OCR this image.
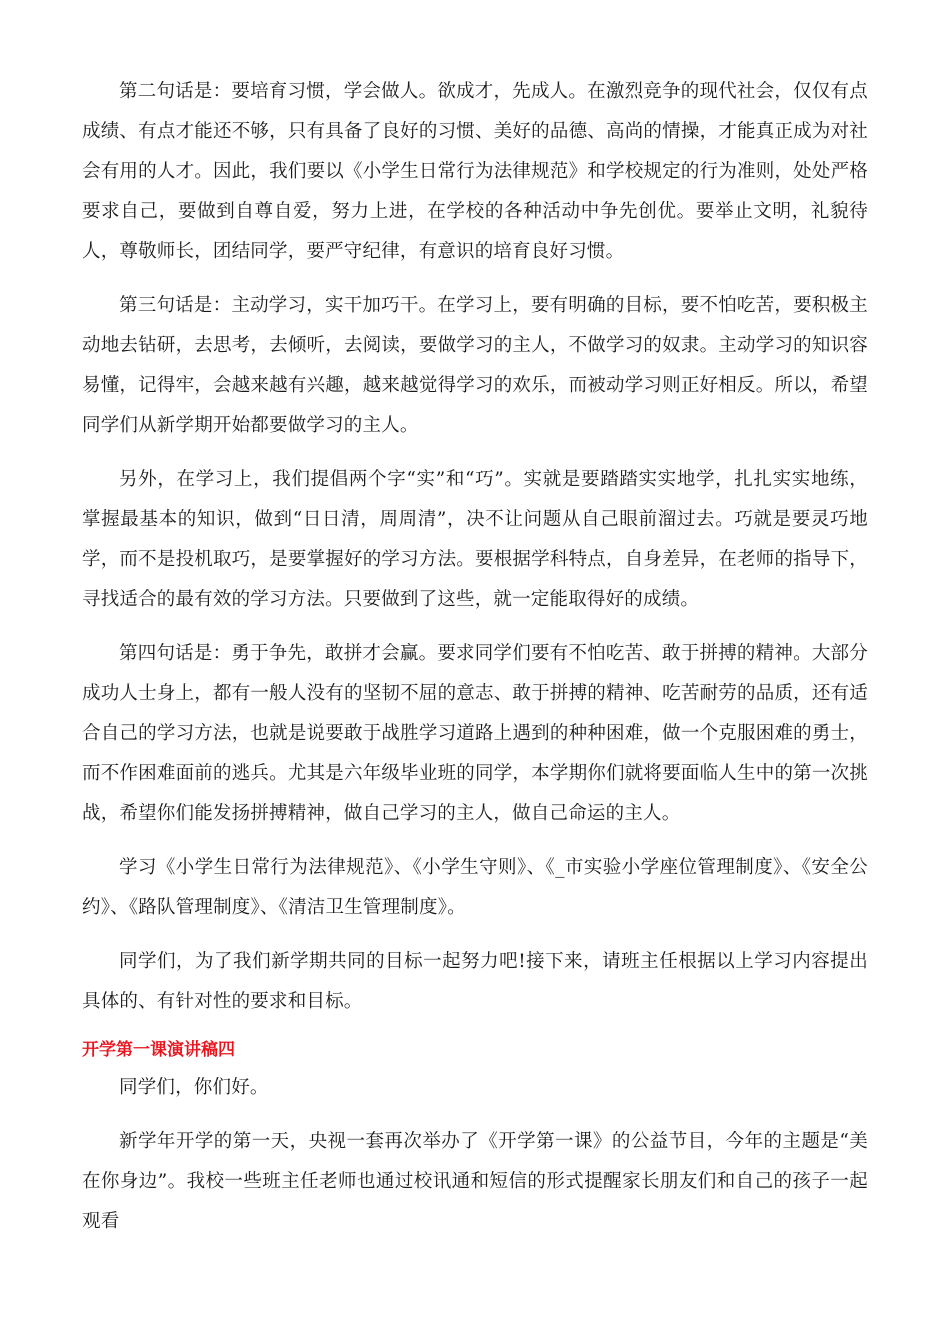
第二句话是：要培育习惯，学会做人。欲成才，先成人。在激烈竞争的现代社会，仅仅有点成绩、有点才能还不够，只有具备了良好的习惯、美好的品德、高尚的情操，才能真正成为对社会有用的人才。因此，我们要以《小学生日常行为法律规范》和学校规定的行为准则，处处严格要求自己，要做到自尊自爱，努力上进，在学校的各种活动中争先创优。要举止文明，礼貌待人，尊敬师长，团结同学，要严守纪律，有意识的培育良好习惯。

第三句话是：主动学习，实干加巧干。在学习上，要有明确的目标，要不怕吃苦，要积极主动地去钻研，去思考，去倾听，去阅读，要做学习的主人，不做学习的奴隶。主动学习的知识容易懂，记得牢，会越来越有兴趣，越来越觉得学习的欢乐，而被动学习则正好相反。所以，希望同学们从新学期开始都要做学习的主人。

另外，在学习上，我们提倡两个字“实”和“巧”。实就是要踏踏实实地学，扎扎实实地练，掌握最基本的知识，做到“日日清，周周清”，决不让问题从自己眼前溜过去。巧就是要灵巧地学，而不是投机取巧，是要掌握好的学习方法。要根据学科特点，自身差异，在老师的指导下，寻找适合的最有效的学习方法。只要做到了这些，就一定能取得好的成绩。

第四句话是：勇于争先，敢拼才会赢。要求同学们要有不怕吃苦、敢于拼搏的精神。大部分成功人士身上，都有一般人没有的坚韧不屈的意志、敢于拼搏的精神、吃苦耐劳的品质，还有适合自己的学习方法，也就是说要敢于战胜学习道路上遇到的种种困难，做一个克服困难的勇士，而不作困难面前的逃兵。尤其是六年级毕业班的同学，本学期你们就将要面临人生中的第一次挑战，希望你们能发扬拼搏精神，做自己学习的主人，做自己命运的主人。

学习《小学生日常行为法律规范》、《小学生守则》、《_市实验小学座位管理制度》、《安全公约》、《路队管理制度》、《清洁卫生管理制度》。

同学们，为了我们新学期共同的目标一起努力吧!接下来，请班主任根据以上学习内容提出具体的、有针对性的要求和目标。

开学第一课演讲稿四

同学们，你们好。

新学年开学的第一天，央视一套再次举办了《开学第一课》的公益节目，今年的主题是“美在你身边”。我校一些班主任老师也通过校讯通和短信的形式提醒家长朋友们和自己的孩子一起观看
